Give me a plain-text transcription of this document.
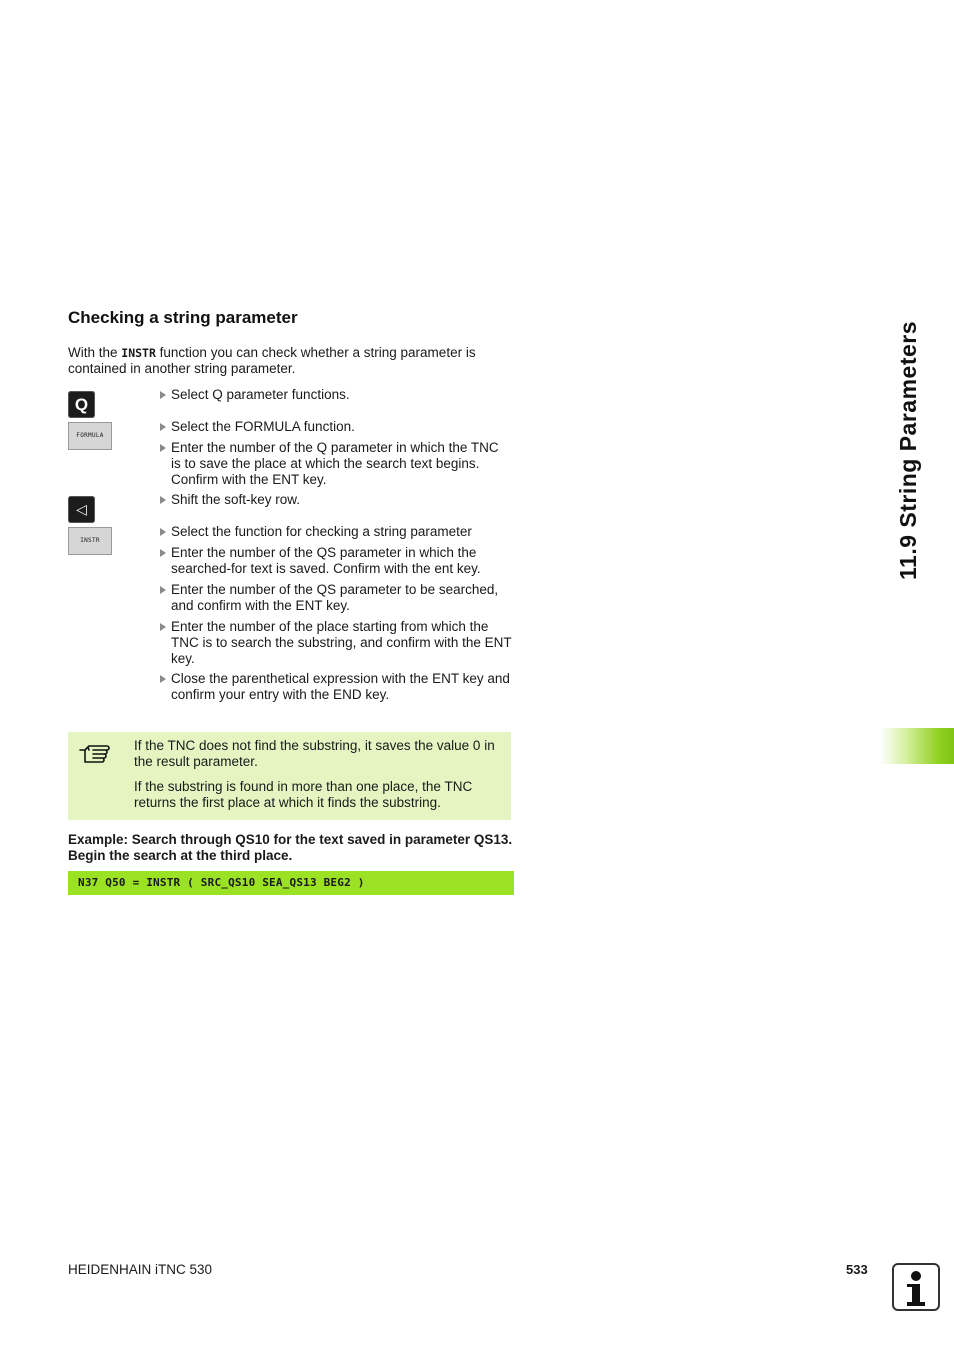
Checking a string parameter
With the INSTR function you can check whether a string parameter is contained in another string parameter.
Q
FORMULA
◁
INSTR
Select Q parameter functions.
Select the FORMULA function.
Enter the number of the Q parameter in which the TNC is to save the place at which the search text begins. Confirm with the ENT key.
Shift the soft-key row.
Select the function for checking a string parameter
Enter the number of the QS parameter in which the searched-for text is saved. Confirm with the ent key.
Enter the number of the QS parameter to be searched, and confirm with the ENT key.
Enter the number of the place starting from which the TNC is to search the substring, and confirm with the ENT key.
Close the parenthetical expression with the ENT key and confirm your entry with the END key.

If the TNC does not find the substring, it saves the value 0 in the result parameter.

If the substring is found in more than one place, the TNC returns the first place at which it finds the substring.

Example: Search through QS10 for the text saved in parameter QS13. Begin the search at the third place.
N37 Q50 = INSTR ( SRC_QS10 SEA_QS13 BEG2 )
11.9 String Parameters
HEIDENHAIN iTNC 530	533
